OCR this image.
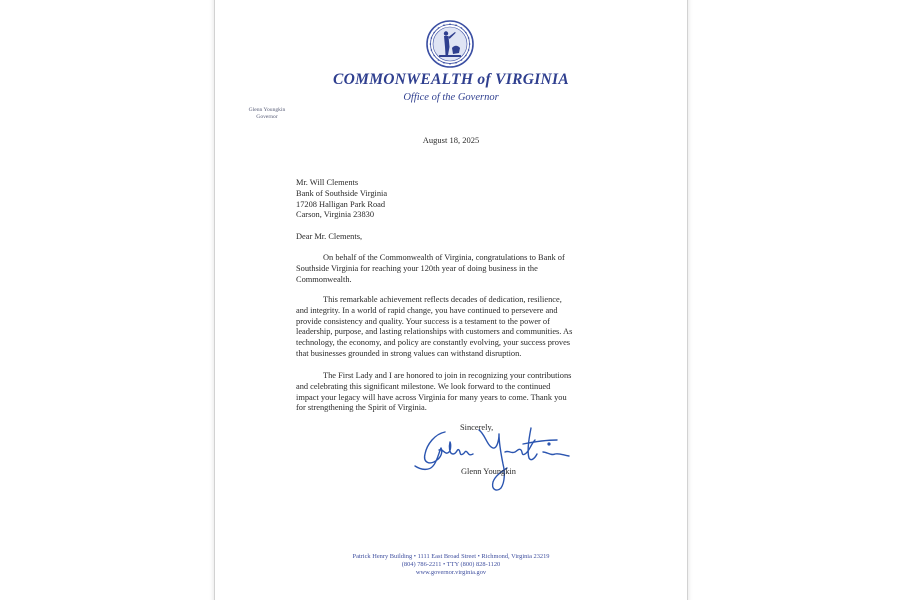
COMMONWEALTH of VIRGINIA
Office of the Governor
Glenn Youngkin
Governor
August 18, 2025
Mr. Will Clements
Bank of Southside Virginia
17208 Halligan Park Road
Carson, Virginia 23830
Dear Mr. Clements,
On behalf of the Commonwealth of Virginia, congratulations to Bank of
Southside Virginia for reaching your 120th year of doing business in the
Commonwealth.
This remarkable achievement reflects decades of dedication, resilience,
and integrity. In a world of rapid change, you have continued to persevere and
provide consistency and quality. Your success is a testament to the power of
leadership, purpose, and lasting relationships with customers and communities. As
technology, the economy, and policy are constantly evolving, your success proves
that businesses grounded in strong values can withstand disruption.
The First Lady and I are honored to join in recognizing your contributions
and celebrating this significant milestone. We look forward to the continued
impact your legacy will have across Virginia for many years to come. Thank you
for strengthening the Spirit of Virginia.
Sincerely,
Glenn Youngkin
Patrick Henry Building • 1111 East Broad Street • Richmond, Virginia 23219
(804) 786-2211 • TTY (800) 828-1120
www.governor.virginia.gov
